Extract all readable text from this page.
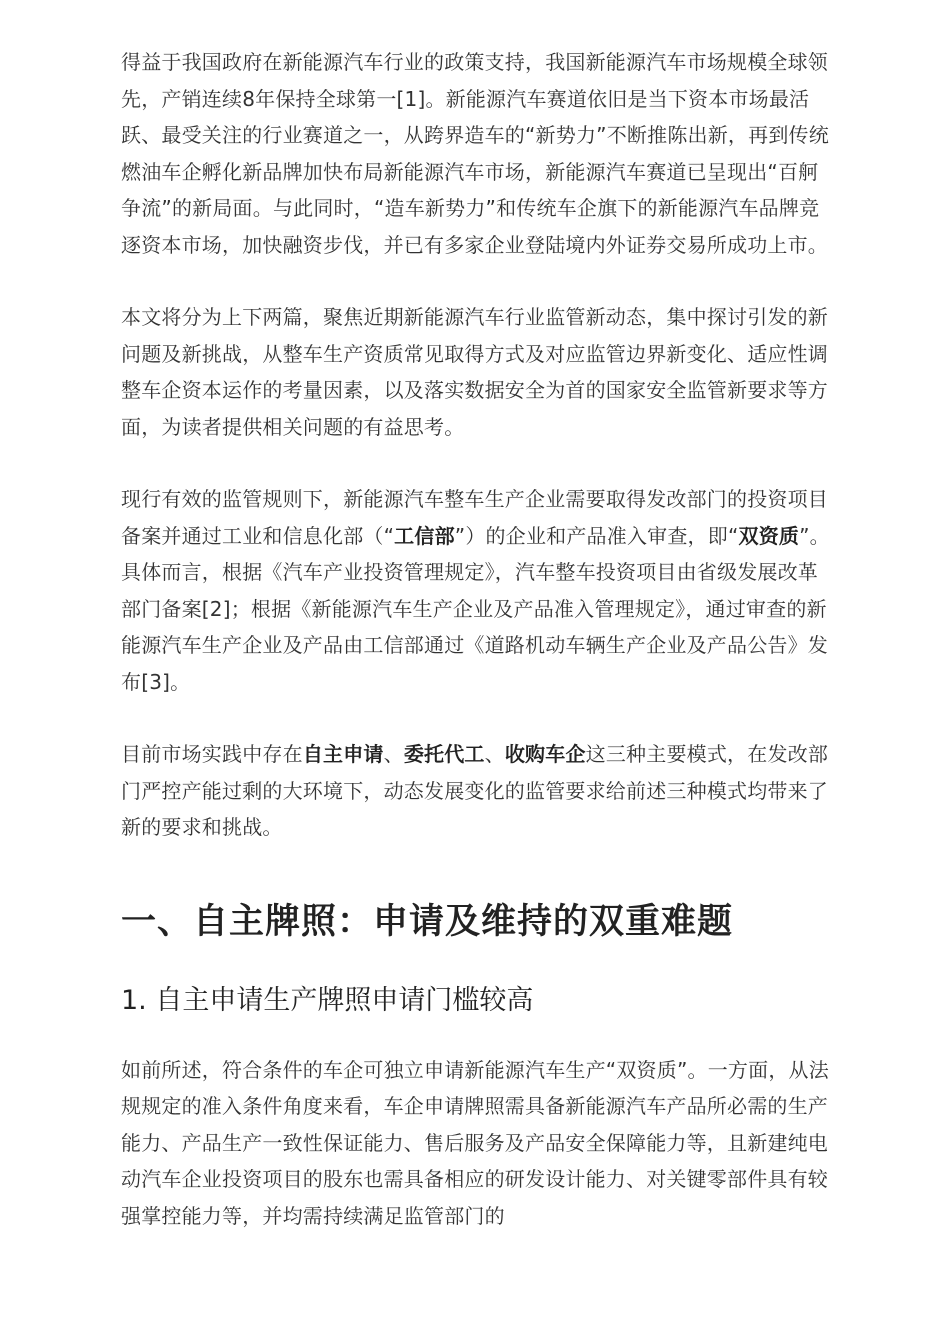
得益于我国政府在新能源汽车行业的政策支持，我国新能源汽车市场规模全球领先，产销连续8年保持全球第一[1]。新能源汽车赛道依旧是当下资本市场最活跃、最受关注的行业赛道之一，从跨界造车的“新势力”不断推陈出新，再到传统燃油车企孵化新品牌加快布局新能源汽车市场，新能源汽车赛道已呈现出“百舸争流”的新局面。与此同时，“造车新势力”和传统车企旗下的新能源汽车品牌竞逐资本市场，加快融资步伐，并已有多家企业登陆境内外证券交易所成功上市。

本文将分为上下两篇，聚焦近期新能源汽车行业监管新动态，集中探讨引发的新问题及新挑战，从整车生产资质常见取得方式及对应监管边界新变化、适应性调整车企资本运作的考量因素，以及落实数据安全为首的国家安全监管新要求等方面，为读者提供相关问题的有益思考。

现行有效的监管规则下，新能源汽车整车生产企业需要取得发改部门的投资项目备案并通过工业和信息化部（“工信部”）的企业和产品准入审查，即“双资质”。具体而言，根据《汽车产业投资管理规定》，汽车整车投资项目由省级发展改革部门备案[2]；根据《新能源汽车生产企业及产品准入管理规定》，通过审查的新能源汽车生产企业及产品由工信部通过《道路机动车辆生产企业及产品公告》发布[3]。

目前市场实践中存在自主申请、委托代工、收购车企这三种主要模式，在发改部门严控产能过剩的大环境下，动态发展变化的监管要求给前述三种模式均带来了新的要求和挑战。

一、自主牌照：申请及维持的双重难题
1. 自主申请生产牌照申请门槛较高

如前所述，符合条件的车企可独立申请新能源汽车生产“双资质”。一方面，从法规规定的准入条件角度来看，车企申请牌照需具备新能源汽车产品所必需的生产能力、产品生产一致性保证能力、售后服务及产品安全保障能力等，且新建纯电动汽车企业投资项目的股东也需具备相应的研发设计能力、对关键零部件具有较强掌控能力等，并均需持续满足监管部门的
